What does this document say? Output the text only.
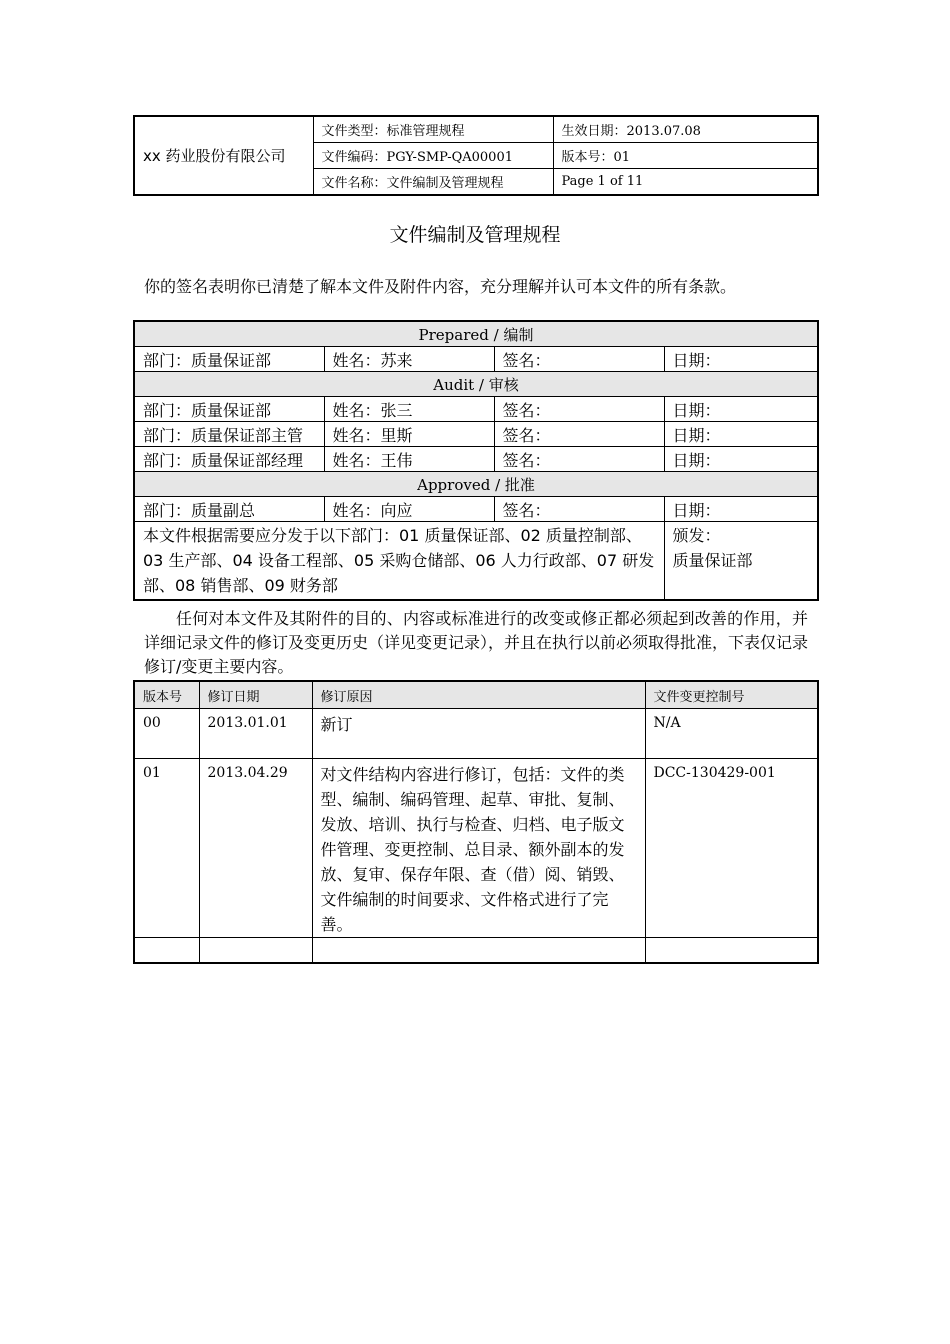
xx 药业股份有限公司	文件类型：标准管理规程	生效日期：2013.07.08
	文件编码：PGY-SMP-QA00001	版本号：01
	文件名称：文件编制及管理规程	Page 1 of 11
文件编制及管理规程
你的签名表明你已清楚了解本文件及附件内容，充分理解并认可本文件的所有条款。
Prepared / 编制			
部门：质量保证部	姓名：苏来	签名：	日期：
Audit / 审核			
部门：质量保证部	姓名：张三	签名：	日期：
部门：质量保证部主管	姓名：里斯	签名：	日期：
部门：质量保证部经理	姓名：王伟	签名：	日期：
Approved / 批准			
部门：质量副总	姓名：向应	签名：	日期：
本文件根据需要应分发于以下部门：01 质量保证部、02 质量控制部、03 生产部、04 设备工程部、05 采购仓储部、06 人力行政部、07 研发部、08 销售部、09 财务部			颁发：
质量保证部
任何对本文件及其附件的目的、内容或标准进行的改变或修正都必须起到改善的作用，并详细记录文件的修订及变更历史（详见变更记录），并且在执行以前必须取得批准，下表仅记录修订/变更主要内容。
版本号	修订日期	修订原因	文件变更控制号
00	2013.01.01	新订	N/A
01	2013.04.29	对文件结构内容进行修订，包括：文件的类型、编制、编码管理、起草、审批、复制、发放、培训、执行与检查、归档、电子版文件管理、变更控制、总目录、额外副本的发放、复审、保存年限、查（借）阅、销毁、文件编制的时间要求、文件格式进行了完善。	DCC-130429-001
